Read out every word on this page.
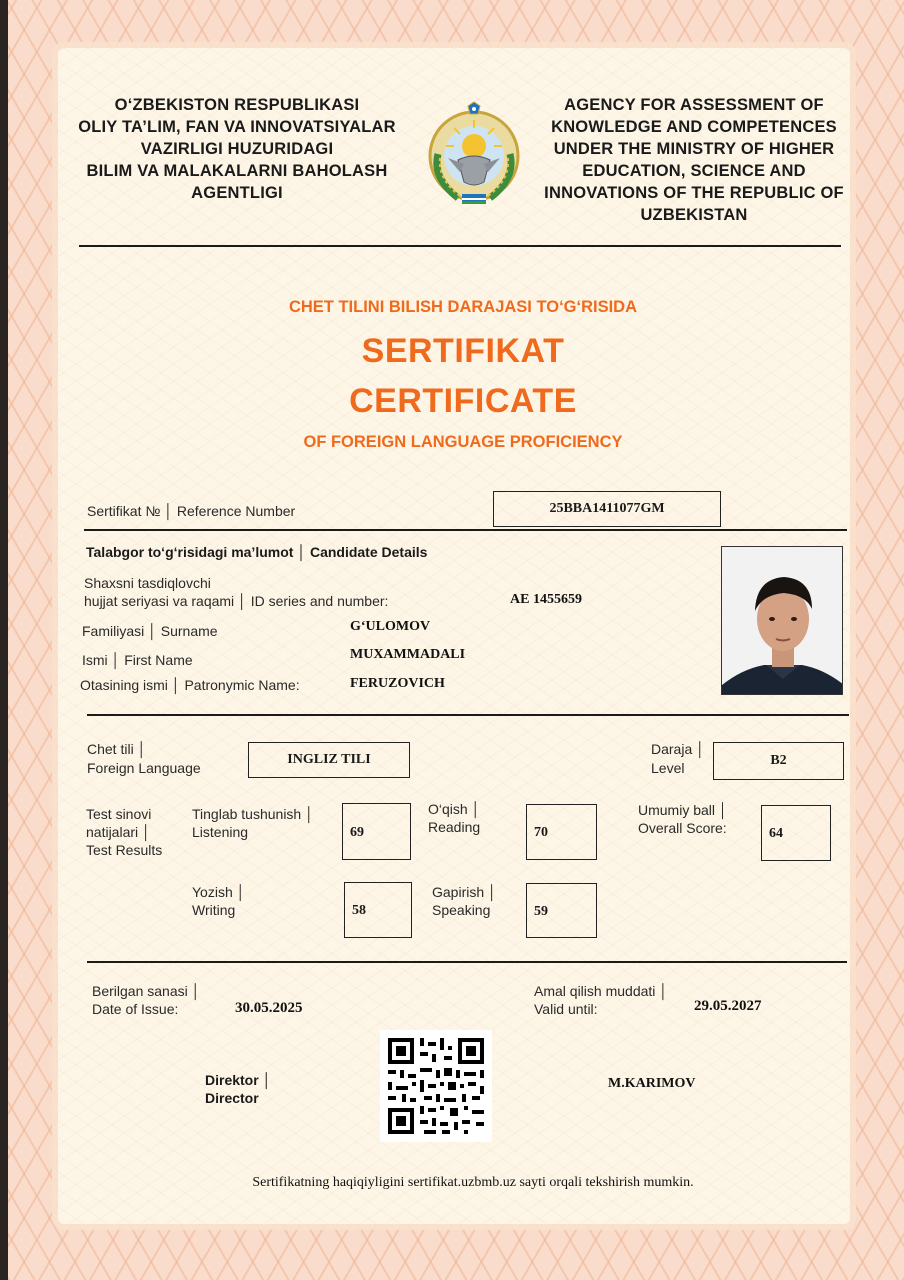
O‘ZBEKISTON RESPUBLIKASI
OLIY TA’LIM, FAN VA INNOVATSIYALAR
VAZIRLIGI HUZURIDAGI
BILIM VA MALAKALARNI BAHOLASH
AGENTLIGI
AGENCY FOR ASSESSMENT OF
KNOWLEDGE AND COMPETENCES
UNDER THE MINISTRY OF HIGHER
EDUCATION, SCIENCE AND
INNOVATIONS OF THE REPUBLIC OF
UZBEKISTAN
CHET TILINI BILISH DARAJASI TO‘G‘RISIDA
SERTIFIKAT
CERTIFICATE
OF FOREIGN LANGUAGE PROFICIENCY
Sertifikat № │ Reference Number	25BBA1411077GM
Talabgor to‘g‘risidagi ma’lumot │ Candidate Details
Shaxsni tasdiqlovchi
hujjat seriyasi va raqami │ ID series and number:	AE 1455659
Familiyasi │ Surname	G‘ULOMOV
Ismi │ First Name	MUXAMMADALI
Otasining ismi │ Patronymic Name:	FERUZOVICH
Chet tili │
Foreign Language
INGLIZ TILI
Daraja │
Level	B2
Test sinovi
natijalari │
Test Results
Tinglab tushunish │
Listening	69
O‘qish │
Reading	70
Umumiy ball │
Overall Score:	64
Yozish │
Writing	58
Gapirish │
Speaking	59
Berilgan sanasi │
Date of Issue:	30.05.2025
Amal qilish muddati │
Valid until:	29.05.2027
Direktor │
Director
M.KARIMOV
Sertifikatning haqiqiyligini sertifikat.uzbmb.uz sayti orqali tekshirish mumkin.
